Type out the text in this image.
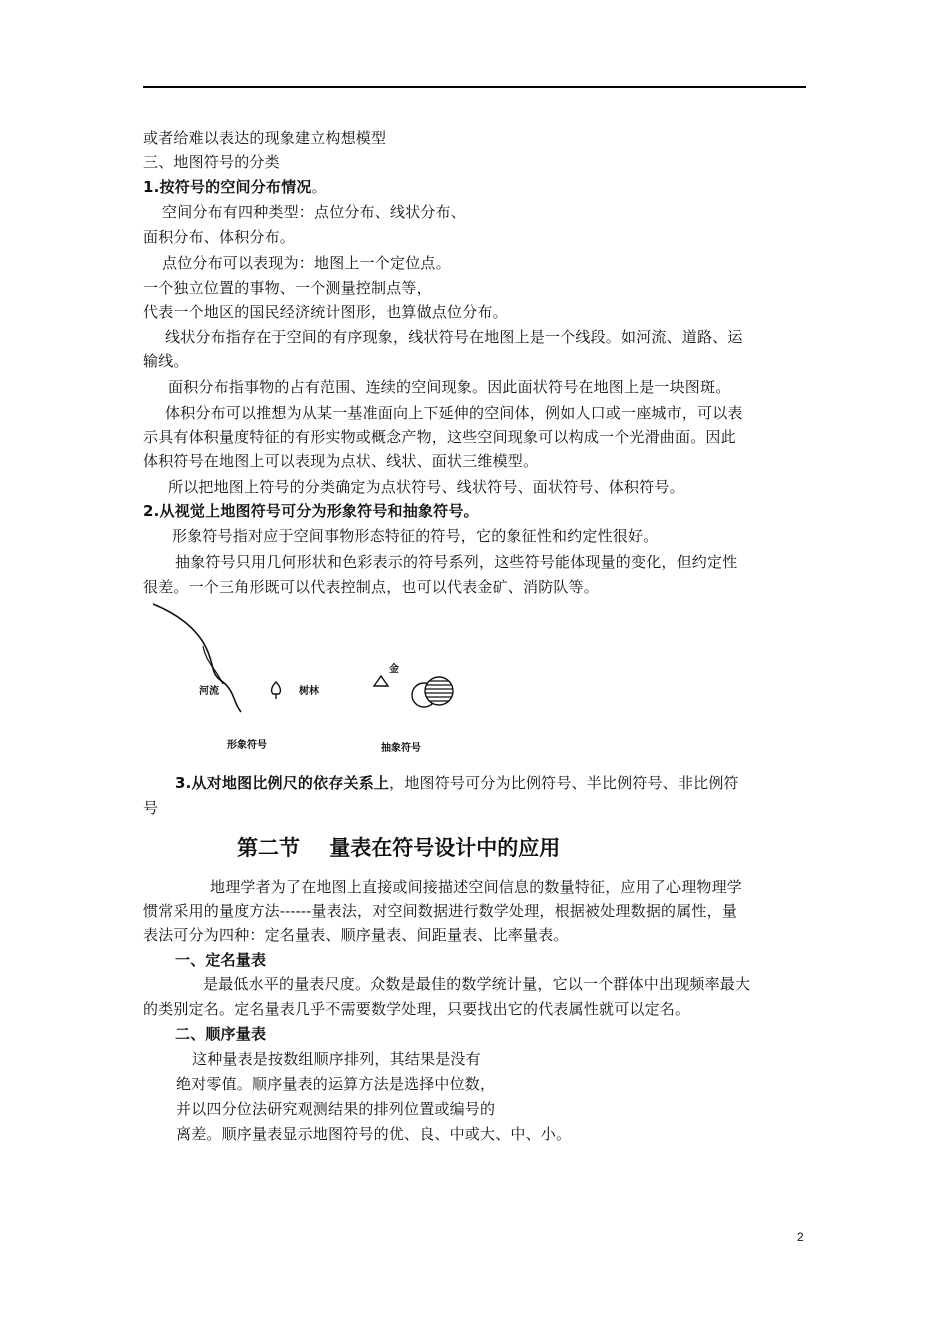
或者给难以表达的现象建立构想模型
三、地图符号的分类
1.按符号的空间分布情况。
空间分布有四种类型：点位分布、线状分布、
面积分布、体积分布。
点位分布可以表现为：地图上一个定位点。
一个独立位置的事物、一个测量控制点等，
代表一个地区的国民经济统计图形，也算做点位分布。
线状分布指存在于空间的有序现象，线状符号在地图上是一个线段。如河流、道路、运
输线。
面积分布指事物的占有范围、连续的空间现象。因此面状符号在地图上是一块图斑。
体积分布可以推想为从某一基准面向上下延伸的空间体，例如人口或一座城市，可以表
示具有体积量度特征的有形实物或概念产物，这些空间现象可以构成一个光滑曲面。因此
体积符号在地图上可以表现为点状、线状、面状三维模型。
所以把地图上符号的分类确定为点状符号、线状符号、面状符号、体积符号。
2.从视觉上地图符号可分为形象符号和抽象符号。
形象符号指对应于空间事物形态特征的符号，它的象征性和约定性很好。
抽象符号只用几何形状和色彩表示的符号系列，这些符号能体现量的变化，但约定性
很差。一个三角形既可以代表控制点，也可以代表金矿、消防队等。
河流	树林
金
形象符号	抽象符号
3.从对地图比例尺的依存关系上，地图符号可分为比例符号、半比例符号、非比例符
号
第二节    量表在符号设计中的应用
地理学者为了在地图上直接或间接描述空间信息的数量特征，应用了心理物理学
惯常采用的量度方法------量表法，对空间数据进行数学处理，根据被处理数据的属性，量
表法可分为四种：定名量表、顺序量表、间距量表、比率量表。
一、定名量表
是最低水平的量表尺度。众数是最佳的数学统计量，它以一个群体中出现频率最大
的类别定名。定名量表几乎不需要数学处理，只要找出它的代表属性就可以定名。
二、顺序量表
这种量表是按数组顺序排列，其结果是没有
绝对零值。顺序量表的运算方法是选择中位数，
并以四分位法研究观测结果的排列位置或编号的
离差。顺序量表显示地图符号的优、良、中或大、中、小。
2
